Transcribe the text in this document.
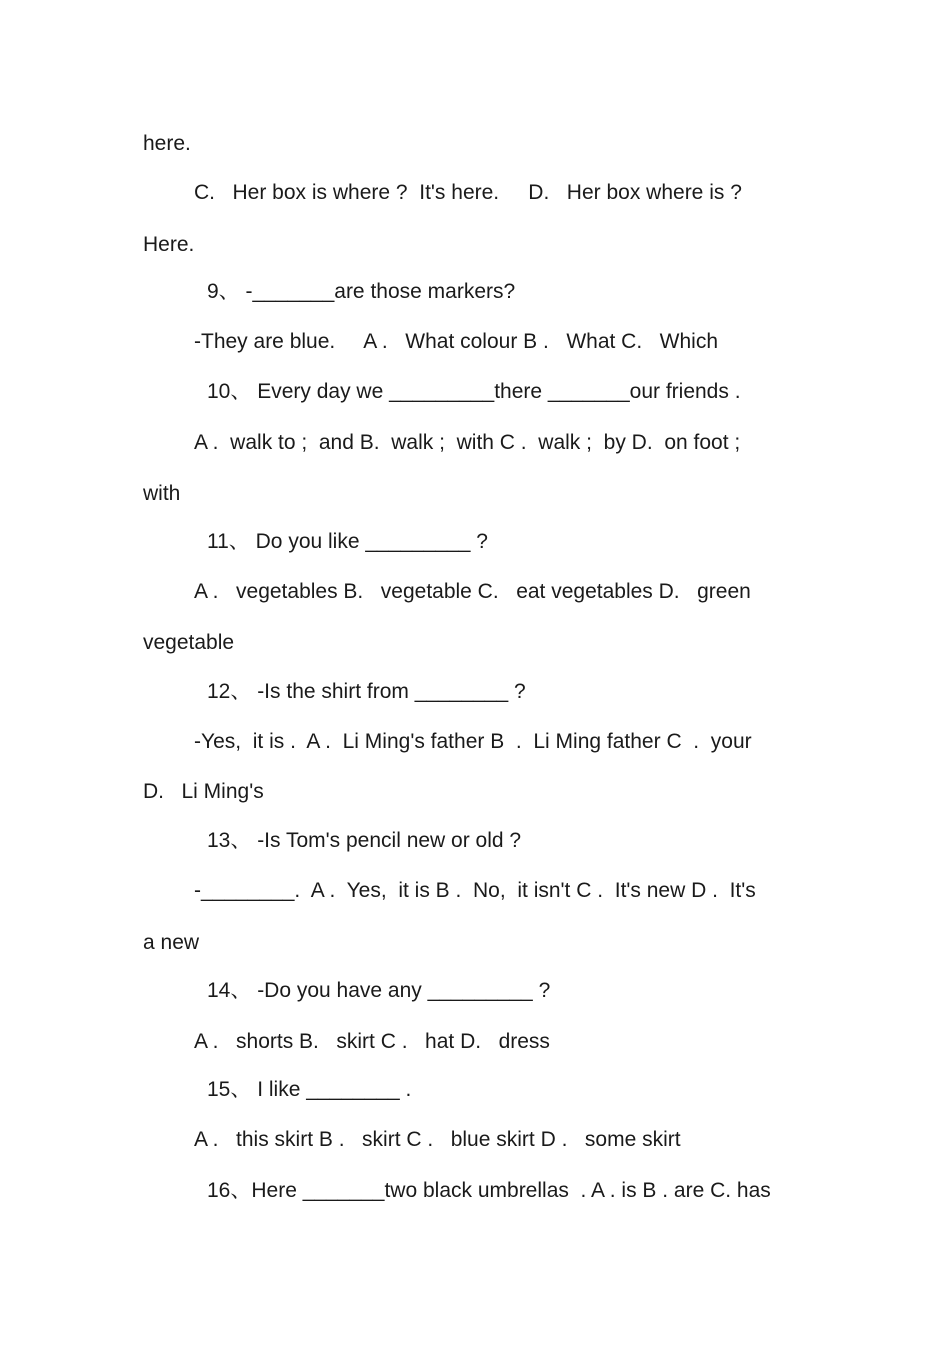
here.
C.   Her box is where ?  It's here.     D.   Her box where is ?
Here.
9、 -_______are those markers?
-They are blue.     A .   What colour B .   What C.   Which
10、 Every day we _________there _______our friends .
A .  walk to ;  and B.  walk ;  with C .  walk ;  by D.  on foot ;
with
11、 Do you like _________ ?
A .   vegetables B.   vegetable C.   eat vegetables D.   green
vegetable
12、 -Is the shirt from ________ ?
-Yes,  it is .  A .  Li Ming's father B  .  Li Ming father C  .  your
D.   Li Ming's
13、 -Is Tom's pencil new or old ?
-________.  A .  Yes,  it is B .  No,  it isn't C .  It's new D .  It's
a new
14、 -Do you have any _________ ?
A .   shorts B.   skirt C .   hat D.   dress
15、 I like ________ .
A .   this skirt B .   skirt C .   blue skirt D .   some skirt
16、Here _______two black umbrellas  . A . is B . are C. has
